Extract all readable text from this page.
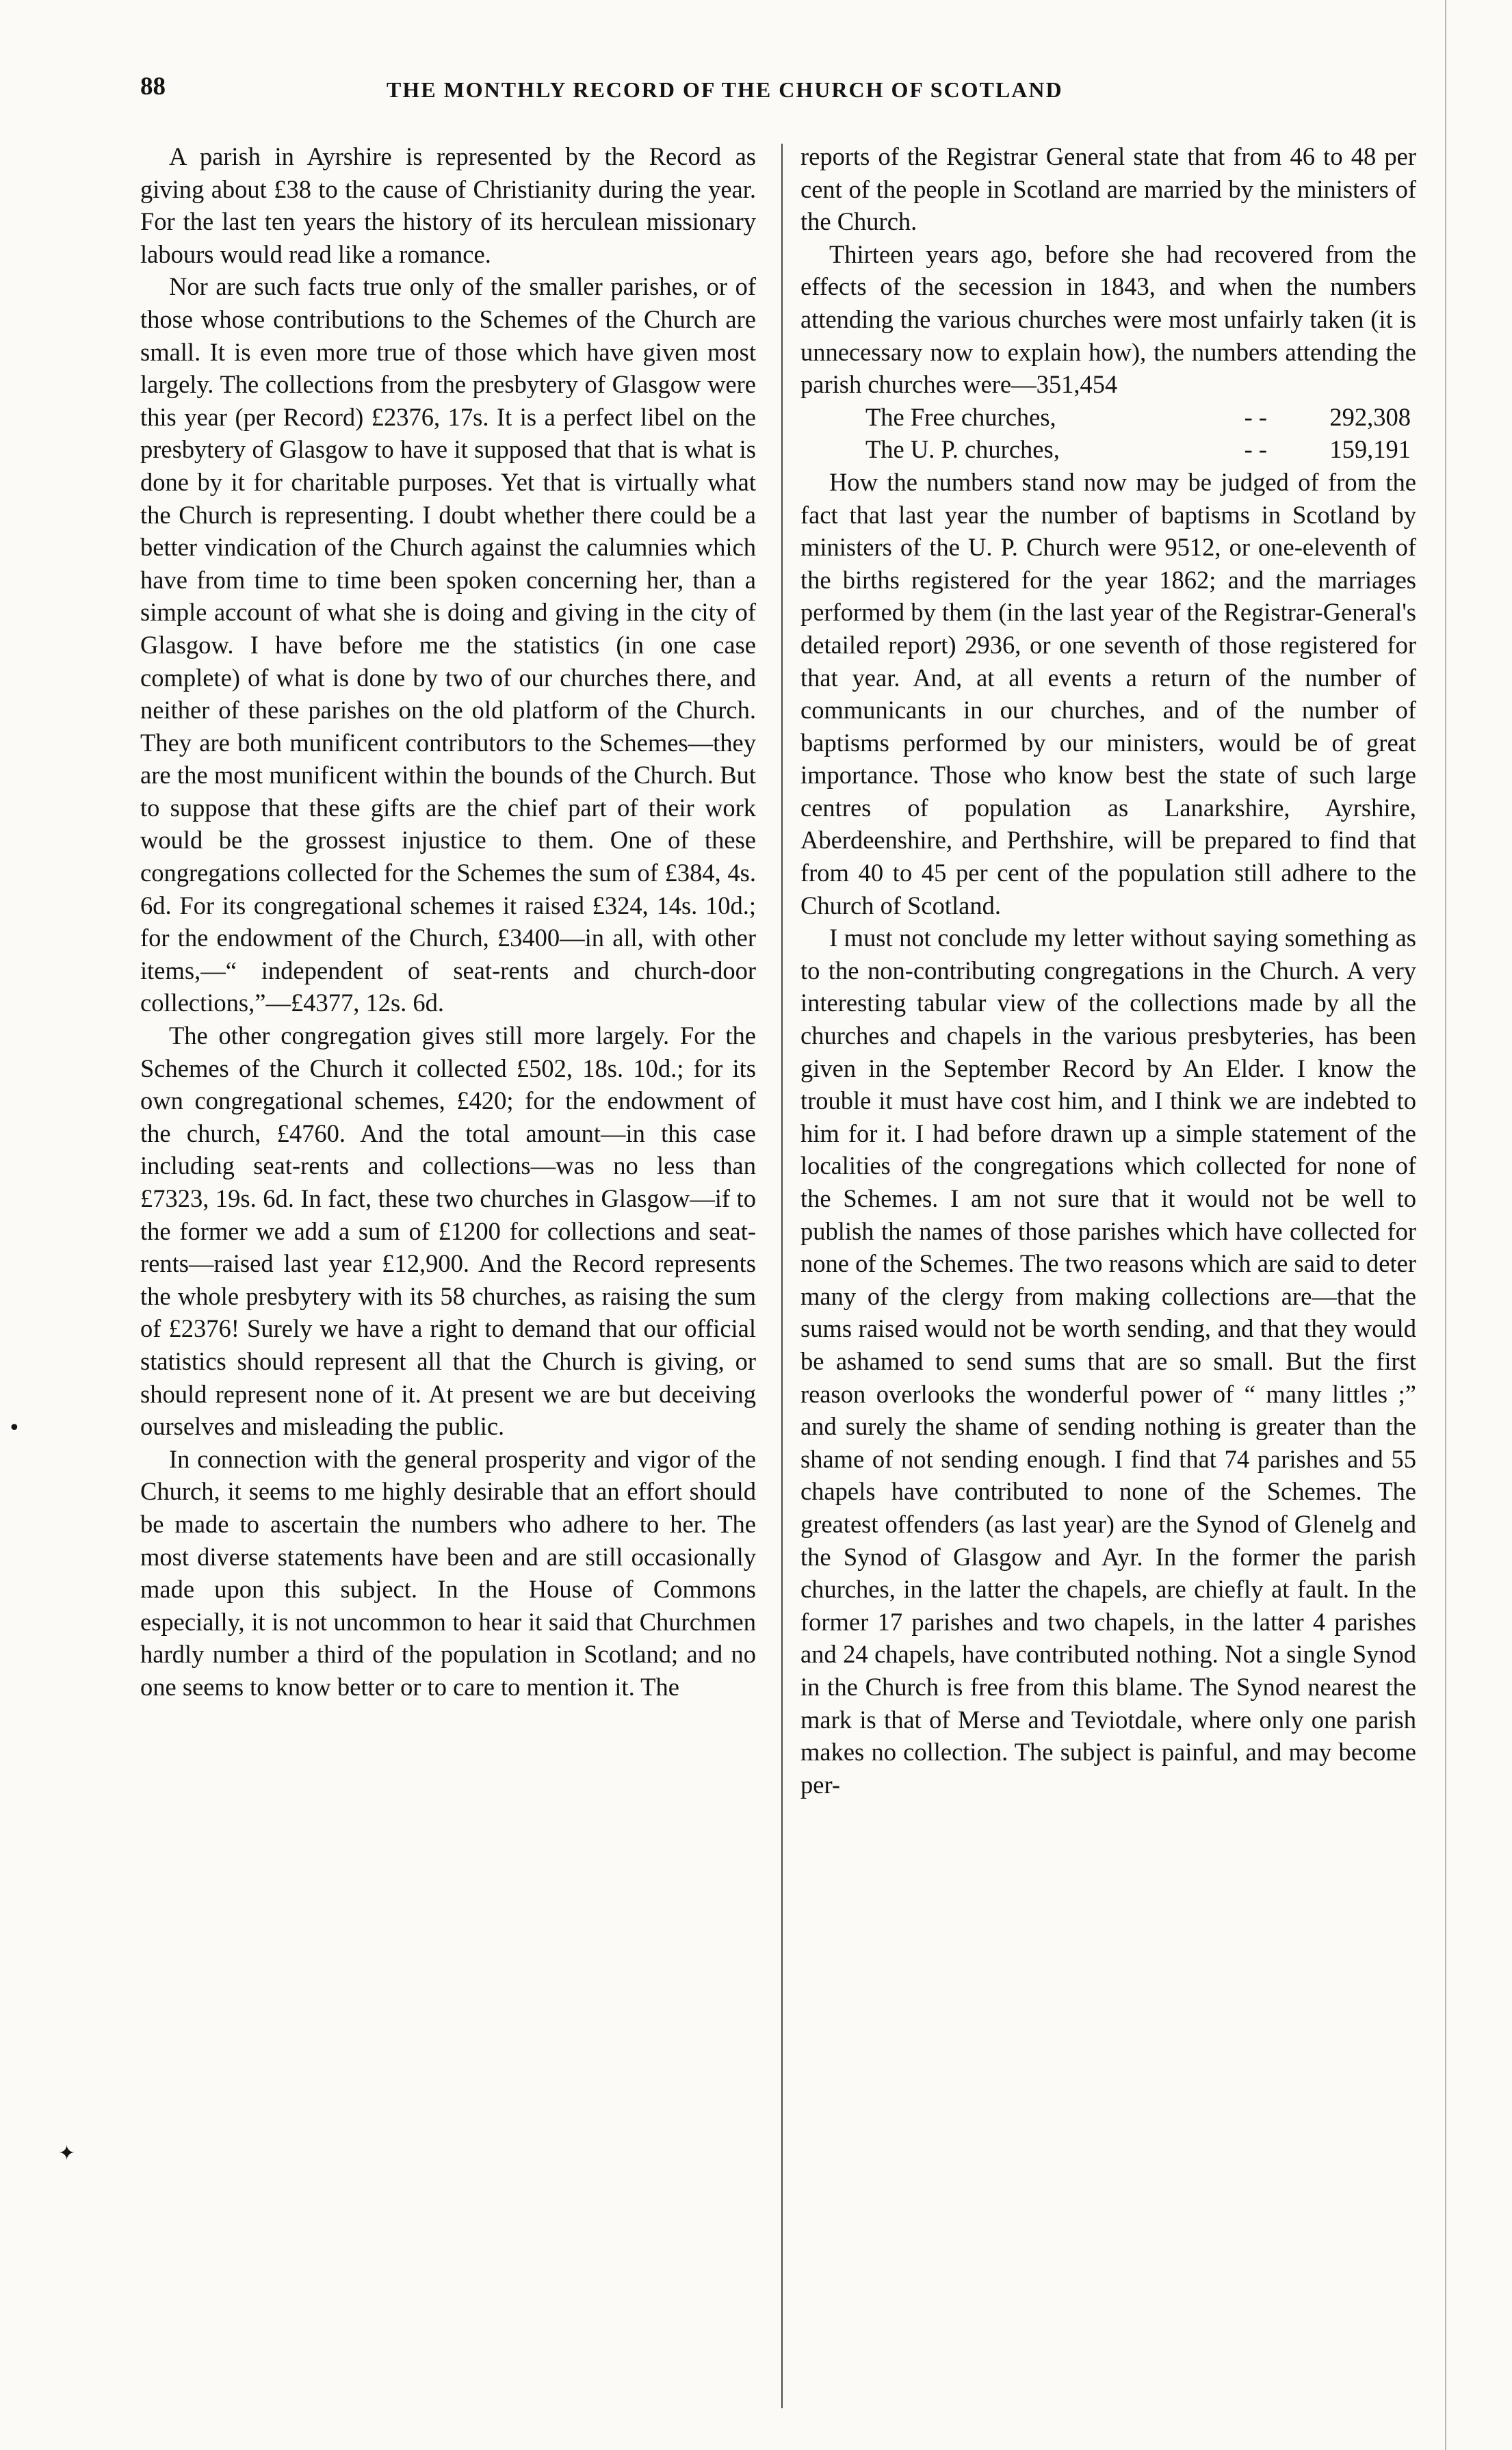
88	THE MONTHLY RECORD OF THE CHURCH OF SCOTLAND

A parish in Ayrshire is represented by the Record as giving about £38 to the cause of Christianity during the year. For the last ten years the history of its herculean missionary labours would read like a romance.

Nor are such facts true only of the smaller parishes, or of those whose contributions to the Schemes of the Church are small. It is even more true of those which have given most largely. The collections from the presbytery of Glasgow were this year (per Record) £2376, 17s. It is a perfect libel on the presbytery of Glasgow to have it supposed that that is what is done by it for charitable purposes. Yet that is virtually what the Church is representing. I doubt whether there could be a better vindication of the Church against the calumnies which have from time to time been spoken concerning her, than a simple account of what she is doing and giving in the city of Glasgow. I have before me the statistics (in one case complete) of what is done by two of our churches there, and neither of these parishes on the old platform of the Church. They are both munificent contributors to the Schemes—they are the most munificent within the bounds of the Church. But to suppose that these gifts are the chief part of their work would be the grossest injustice to them. One of these congregations collected for the Schemes the sum of £384, 4s. 6d. For its congregational schemes it raised £324, 14s. 10d.; for the endowment of the Church, £3400—in all, with other items,—“ independent of seat-rents and church-door collections,”—£4377, 12s. 6d.

The other congregation gives still more largely. For the Schemes of the Church it collected £502, 18s. 10d.; for its own congregational schemes, £420; for the endowment of the church, £4760. And the total amount—in this case including seat-rents and collections—was no less than £7323, 19s. 6d. In fact, these two churches in Glasgow—if to the former we add a sum of £1200 for collections and seat-rents—raised last year £12,900. And the Record represents the whole presbytery with its 58 churches, as raising the sum of £2376! Surely we have a right to demand that our official statistics should represent all that the Church is giving, or should represent none of it. At present we are but deceiving ourselves and misleading the public.

In connection with the general prosperity and vigor of the Church, it seems to me highly desirable that an effort should be made to ascertain the numbers who adhere to her. The most diverse statements have been and are still occasionally made upon this subject. In the House of Commons especially, it is not uncommon to hear it said that Churchmen hardly number a third of the population in Scotland; and no one seems to know better or to care to mention it. The

reports of the Registrar General state that from 46 to 48 per cent of the people in Scotland are married by the ministers of the Church.

Thirteen years ago, before she had recovered from the effects of the secession in 1843, and when the numbers attending the various churches were most unfairly taken (it is unnecessary now to explain how), the numbers attending the parish churches were—351,454

The Free churches,	- -	292,308
The U. P. churches,	- -	159,191

How the numbers stand now may be judged of from the fact that last year the number of baptisms in Scotland by ministers of the U. P. Church were 9512, or one-eleventh of the births registered for the year 1862; and the marriages performed by them (in the last year of the Registrar-General's detailed report) 2936, or one seventh of those registered for that year. And, at all events a return of the number of communicants in our churches, and of the number of baptisms performed by our ministers, would be of great importance. Those who know best the state of such large centres of population as Lanarkshire, Ayrshire, Aberdeenshire, and Perthshire, will be prepared to find that from 40 to 45 per cent of the population still adhere to the Church of Scotland.

I must not conclude my letter without saying something as to the non-contributing congregations in the Church. A very interesting tabular view of the collections made by all the churches and chapels in the various presbyteries, has been given in the September Record by An Elder. I know the trouble it must have cost him, and I think we are indebted to him for it. I had before drawn up a simple statement of the localities of the congregations which collected for none of the Schemes. I am not sure that it would not be well to publish the names of those parishes which have collected for none of the Schemes. The two reasons which are said to deter many of the clergy from making collections are—that the sums raised would not be worth sending, and that they would be ashamed to send sums that are so small. But the first reason overlooks the wonderful power of “ many littles ;” and surely the shame of sending nothing is greater than the shame of not sending enough. I find that 74 parishes and 55 chapels have contributed to none of the Schemes. The greatest offenders (as last year) are the Synod of Glenelg and the Synod of Glasgow and Ayr. In the former the parish churches, in the latter the chapels, are chiefly at fault. In the former 17 parishes and two chapels, in the latter 4 parishes and 24 chapels, have contributed nothing. Not a single Synod in the Church is free from this blame. The Synod nearest the mark is that of Merse and Teviotdale, where only one parish makes no collection. The subject is painful, and may become per-

•
✦
